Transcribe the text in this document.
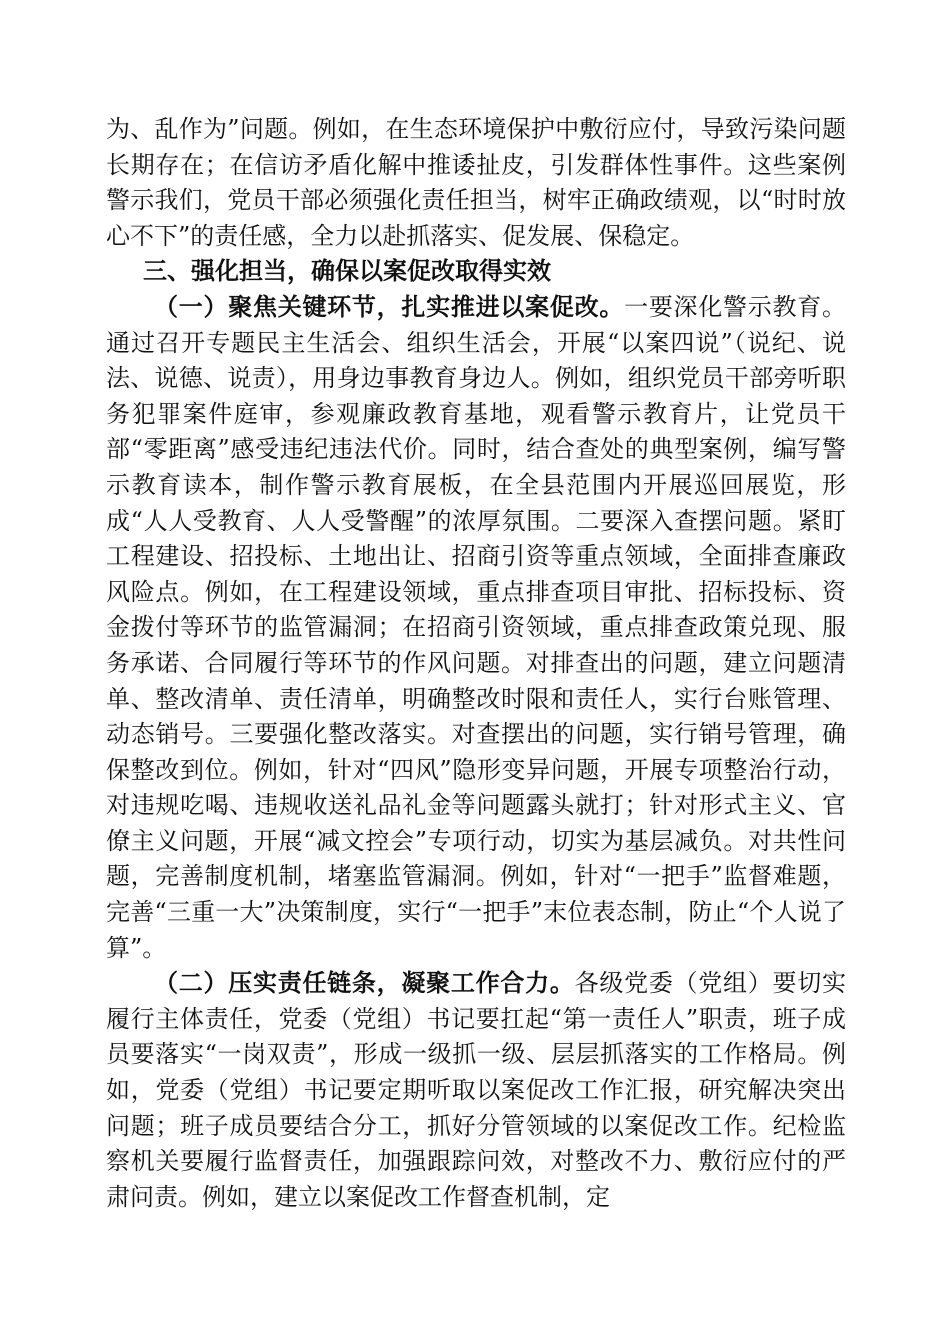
为、乱作为”问题。例如，在生态环境保护中敷衍应付，导致污染问题长期存在；在信访矛盾化解中推诿扯皮，引发群体性事件。这些案例警示我们，党员干部必须强化责任担当，树牢正确政绩观，以“时时放心不下”的责任感，全力以赴抓落实、促发展、保稳定。

三、强化担当，确保以案促改取得实效

（一）聚焦关键环节，扎实推进以案促改。一要深化警示教育。通过召开专题民主生活会、组织生活会，开展“以案四说”（说纪、说法、说德、说责），用身边事教育身边人。例如，组织党员干部旁听职务犯罪案件庭审，参观廉政教育基地，观看警示教育片，让党员干部“零距离”感受违纪违法代价。同时，结合查处的典型案例，编写警示教育读本，制作警示教育展板，在全县范围内开展巡回展览，形成“人人受教育、人人受警醒”的浓厚氛围。二要深入查摆问题。紧盯工程建设、招投标、土地出让、招商引资等重点领域，全面排查廉政风险点。例如，在工程建设领域，重点排查项目审批、招标投标、资金拨付等环节的监管漏洞；在招商引资领域，重点排查政策兑现、服务承诺、合同履行等环节的作风问题。对排查出的问题，建立问题清单、整改清单、责任清单，明确整改时限和责任人，实行台账管理、动态销号。三要强化整改落实。对查摆出的问题，实行销号管理，确保整改到位。例如，针对“四风”隐形变异问题，开展专项整治行动，对违规吃喝、违规收送礼品礼金等问题露头就打；针对形式主义、官僚主义问题，开展“减文控会”专项行动，切实为基层减负。对共性问题，完善制度机制，堵塞监管漏洞。例如，针对“一把手”监督难题，完善“三重一大”决策制度，实行“一把手”末位表态制，防止“个人说了算”。

（二）压实责任链条，凝聚工作合力。各级党委（党组）要切实履行主体责任，党委（党组）书记要扛起“第一责任人”职责，班子成员要落实“一岗双责”，形成一级抓一级、层层抓落实的工作格局。例如，党委（党组）书记要定期听取以案促改工作汇报，研究解决突出问题；班子成员要结合分工，抓好分管领域的以案促改工作。纪检监察机关要履行监督责任，加强跟踪问效，对整改不力、敷衍应付的严肃问责。例如，建立以案促改工作督查机制，定
